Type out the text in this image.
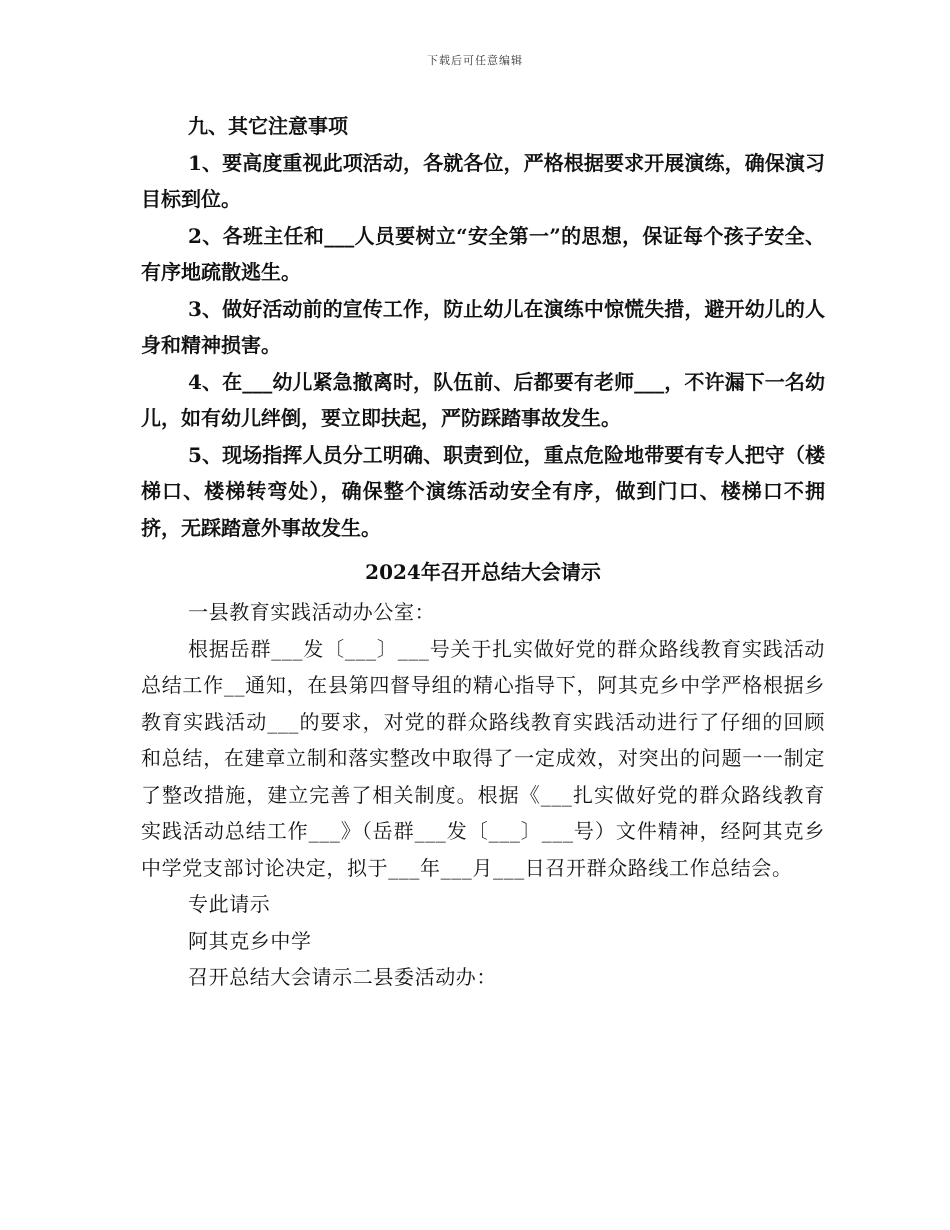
下载后可任意编辑

九、其它注意事项

1、要高度重视此项活动，各就各位，严格根据要求开展演练，确保演习目标到位。

2、各班主任和___人员要树立“安全第一”的思想，保证每个孩子安全、有序地疏散逃生。

3、做好活动前的宣传工作，防止幼儿在演练中惊慌失措，避开幼儿的人身和精神损害。

4、在___幼儿紧急撤离时，队伍前、后都要有老师___，不许漏下一名幼儿，如有幼儿绊倒，要立即扶起，严防踩踏事故发生。

5、现场指挥人员分工明确、职责到位，重点危险地带要有专人把守（楼梯口、楼梯转弯处），确保整个演练活动安全有序，做到门口、楼梯口不拥挤，无踩踏意外事故发生。

2024年召开总结大会请示

一县教育实践活动办公室：

根据岳群___发〔___〕___号关于扎实做好党的群众路线教育实践活动总结工作__通知，在县第四督导组的精心指导下，阿其克乡中学严格根据乡教育实践活动___的要求，对党的群众路线教育实践活动进行了仔细的回顾和总结，在建章立制和落实整改中取得了一定成效，对突出的问题一一制定了整改措施，建立完善了相关制度。根据《___扎实做好党的群众路线教育实践活动总结工作___》（岳群___发〔___〕___号）文件精神，经阿其克乡中学党支部讨论决定，拟于___年___月___日召开群众路线工作总结会。

专此请示

阿其克乡中学

召开总结大会请示二县委活动办：
